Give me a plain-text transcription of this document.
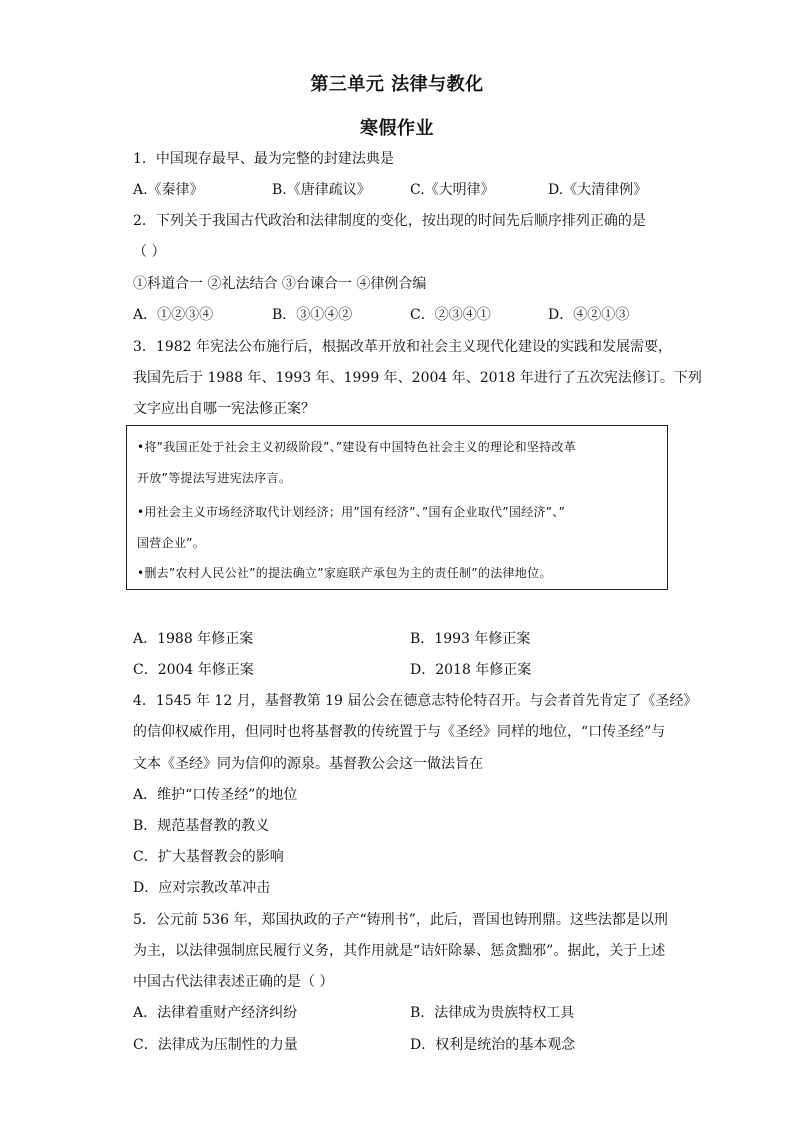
第三单元 法律与教化
寒假作业
1．中国现存最早、最为完整的封建法典是
A.《秦律》	B.《唐律疏议》	C.《大明律》	D.《大清律例》
2．下列关于我国古代政治和法律制度的变化，按出现的时间先后顺序排列正确的是
（ ）
①科道合一 ②礼法结合 ③台谏合一 ④律例合编
A．①②③④	B．③①④②	C．②③④①	D．④②①③
3．1982 年宪法公布施行后，根据改革开放和社会主义现代化建设的实践和发展需要，
我国先后于 1988 年、1993 年、1999 年、2004 年、2018 年进行了五次宪法修订。下列
文字应出自哪一宪法修正案？
•将”我国正处于社会主义初级阶段”、”建设有中国特色社会主义的理论和坚持改革
开放”等提法写进宪法序言。
•用社会主义市场经济取代计划经济；用”国有经济”、”国有企业取代”国经济”、”
国营企业”。
•删去”农村人民公社”的提法确立”家庭联产承包为主的责任制”的法律地位。
A．1988 年修正案	B．1993 年修正案
C．2004 年修正案	D．2018 年修正案
4．1545 年 12 月，基督教第 19 届公会在德意志特伦特召开。与会者首先肯定了《圣经》
的信仰权威作用，但同时也将基督教的传统置于与《圣经》同样的地位，“口传圣经”与
文本《圣经》同为信仰的源泉。基督教公会这一做法旨在
A．维护“口传圣经”的地位
B．规范基督教的教义
C．扩大基督教会的影响
D．应对宗教改革冲击
5．公元前 536 年，郑国执政的子产“铸刑书”，此后，晋国也铸刑鼎。这些法都是以刑
为主，以法律强制庶民履行义务，其作用就是“诘奸除暴、惩贪黜邪”。据此，关于上述
中国古代法律表述正确的是（ ）
A．法律着重财产经济纠纷	B．法律成为贵族特权工具
C．法律成为压制性的力量	D．权利是统治的基本观念
